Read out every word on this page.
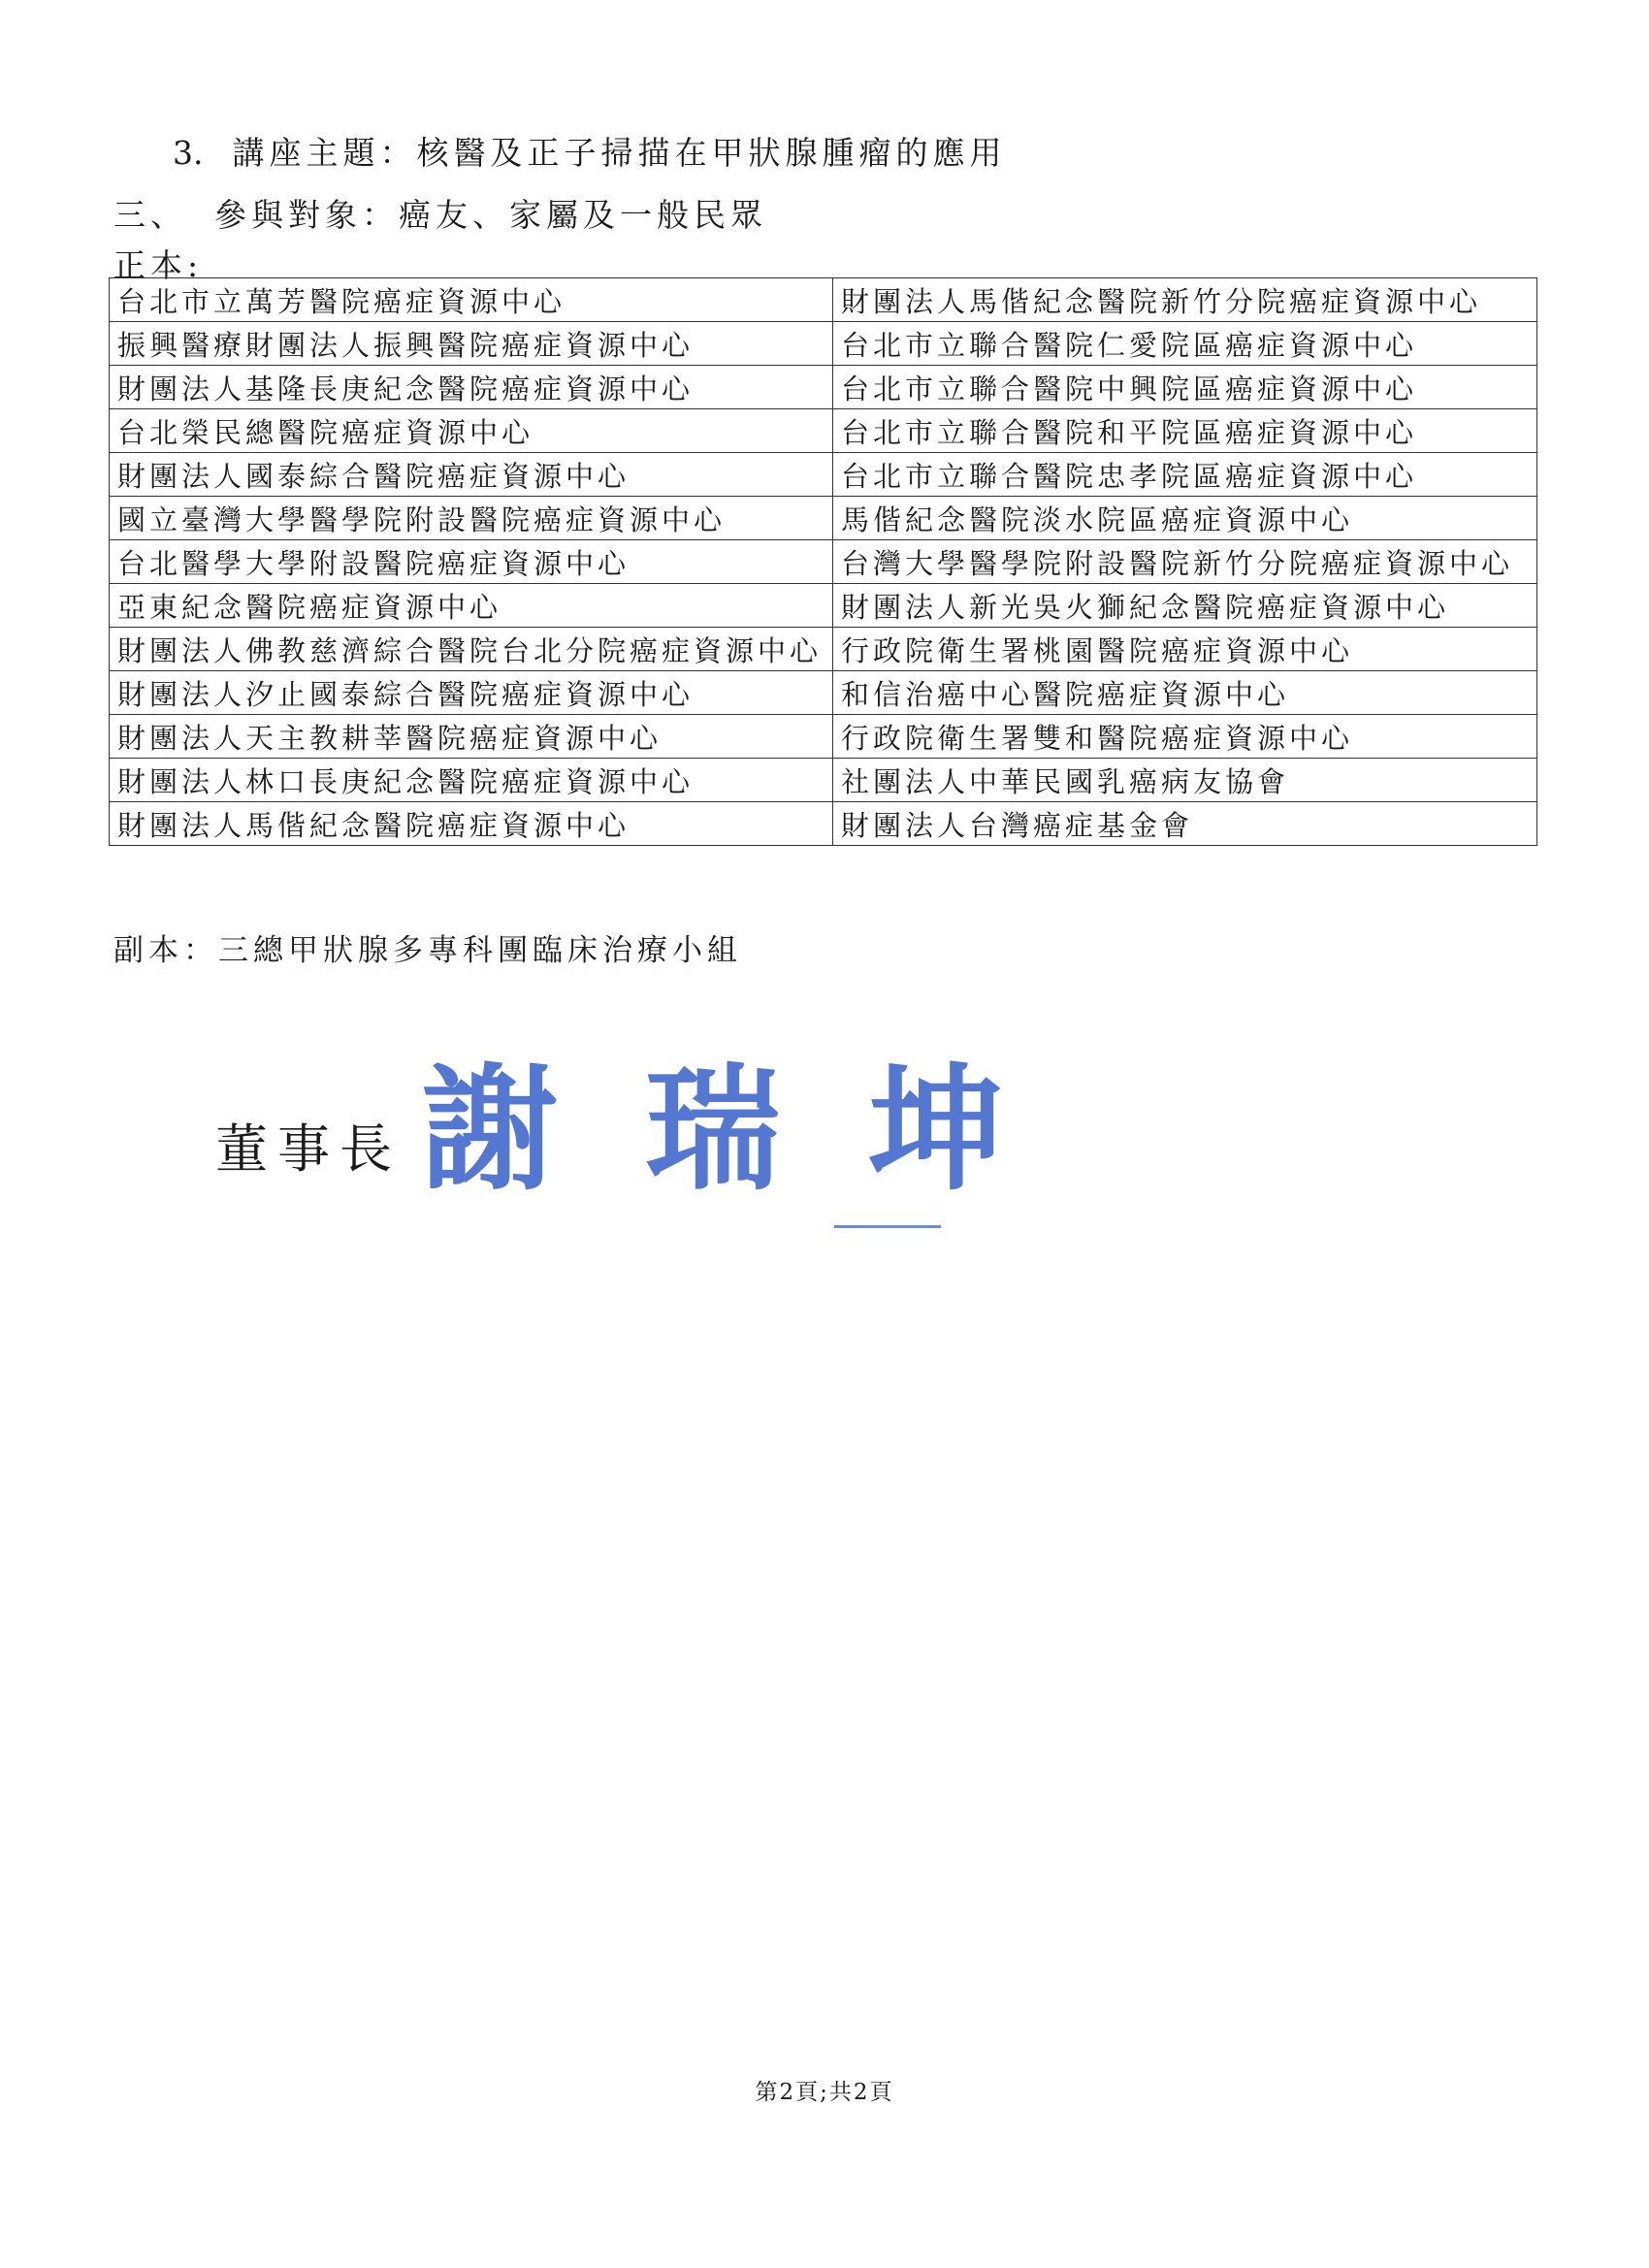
3. 講座主題：核醫及正子掃描在甲狀腺腫瘤的應用
三、 參與對象：癌友、家屬及一般民眾
正本:
台北市立萬芳醫院癌症資源中心	財團法人馬偕紀念醫院新竹分院癌症資源中心
振興醫療財團法人振興醫院癌症資源中心	台北市立聯合醫院仁愛院區癌症資源中心
財團法人基隆長庚紀念醫院癌症資源中心	台北市立聯合醫院中興院區癌症資源中心
台北榮民總醫院癌症資源中心	台北市立聯合醫院和平院區癌症資源中心
財團法人國泰綜合醫院癌症資源中心	台北市立聯合醫院忠孝院區癌症資源中心
國立臺灣大學醫學院附設醫院癌症資源中心	馬偕紀念醫院淡水院區癌症資源中心
台北醫學大學附設醫院癌症資源中心	台灣大學醫學院附設醫院新竹分院癌症資源中心
亞東紀念醫院癌症資源中心	財團法人新光吳火獅紀念醫院癌症資源中心
財團法人佛教慈濟綜合醫院台北分院癌症資源中心	行政院衛生署桃園醫院癌症資源中心
財團法人汐止國泰綜合醫院癌症資源中心	和信治癌中心醫院癌症資源中心
財團法人天主教耕莘醫院癌症資源中心	行政院衛生署雙和醫院癌症資源中心
財團法人林口長庚紀念醫院癌症資源中心	社團法人中華民國乳癌病友協會
財團法人馬偕紀念醫院癌症資源中心	財團法人台灣癌症基金會
副本：三總甲狀腺多專科團臨床治療小組
董事長 謝 瑞 坤
第2頁;共2頁
